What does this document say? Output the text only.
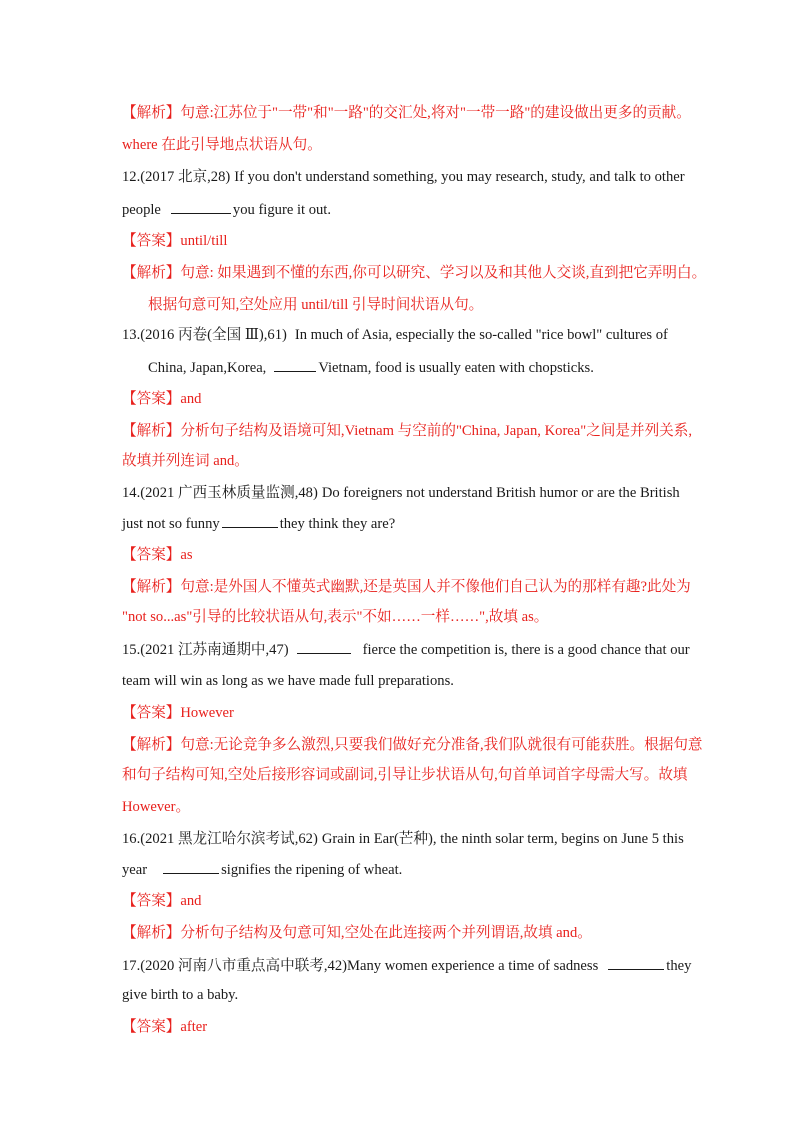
【解析】句意:江苏位于"一带"和"一路"的交汇处,将对"一带一路"的建设做出更多的贡献。
where 在此引导地点状语从句。
12.(2017 北京,28) If you don't understand something, you may research, study, and talk to other
people	you figure it out.
【答案】until/till
【解析】句意: 如果遇到不懂的东西,你可以研究、学习以及和其他人交谈,直到把它弄明白。
根据句意可知,空处应用 until/till 引导时间状语从句。
13.(2016 丙卷(全国 Ⅲ),61) In much of Asia, especially the so-called "rice bowl" cultures of
China, Japan,Korea,	Vietnam, food is usually eaten with chopsticks.
【答案】and
【解析】分析句子结构及语境可知,Vietnam 与空前的"China, Japan, Korea"之间是并列关系,
故填并列连词 and。
14.(2021 广西玉林质量监测,48) Do foreigners not understand British humor or are the British
just not so funny	they think they are?
【答案】as
【解析】句意:是外国人不懂英式幽默,还是英国人并不像他们自己认为的那样有趣?此处为
"not so...as"引导的比较状语从句,表示"不如……一样……",故填 as。
15.(2021 江苏南通期中,47)	fierce the competition is, there is a good chance that our
team will win as long as we have made full preparations.
【答案】However
【解析】句意:无论竞争多么激烈,只要我们做好充分准备,我们队就很有可能获胜。根据句意
和句子结构可知,空处后接形容词或副词,引导让步状语从句,句首单词首字母需大写。故填
However。
16.(2021 黑龙江哈尔滨考试,62) Grain in Ear(芒种), the ninth solar term, begins on June 5 this
year	signifies the ripening of wheat.
【答案】and
【解析】分析句子结构及句意可知,空处在此连接两个并列谓语,故填 and。
17.(2020 河南八市重点高中联考,42)Many women experience a time of sadness	they
give birth to a baby.
【答案】after
